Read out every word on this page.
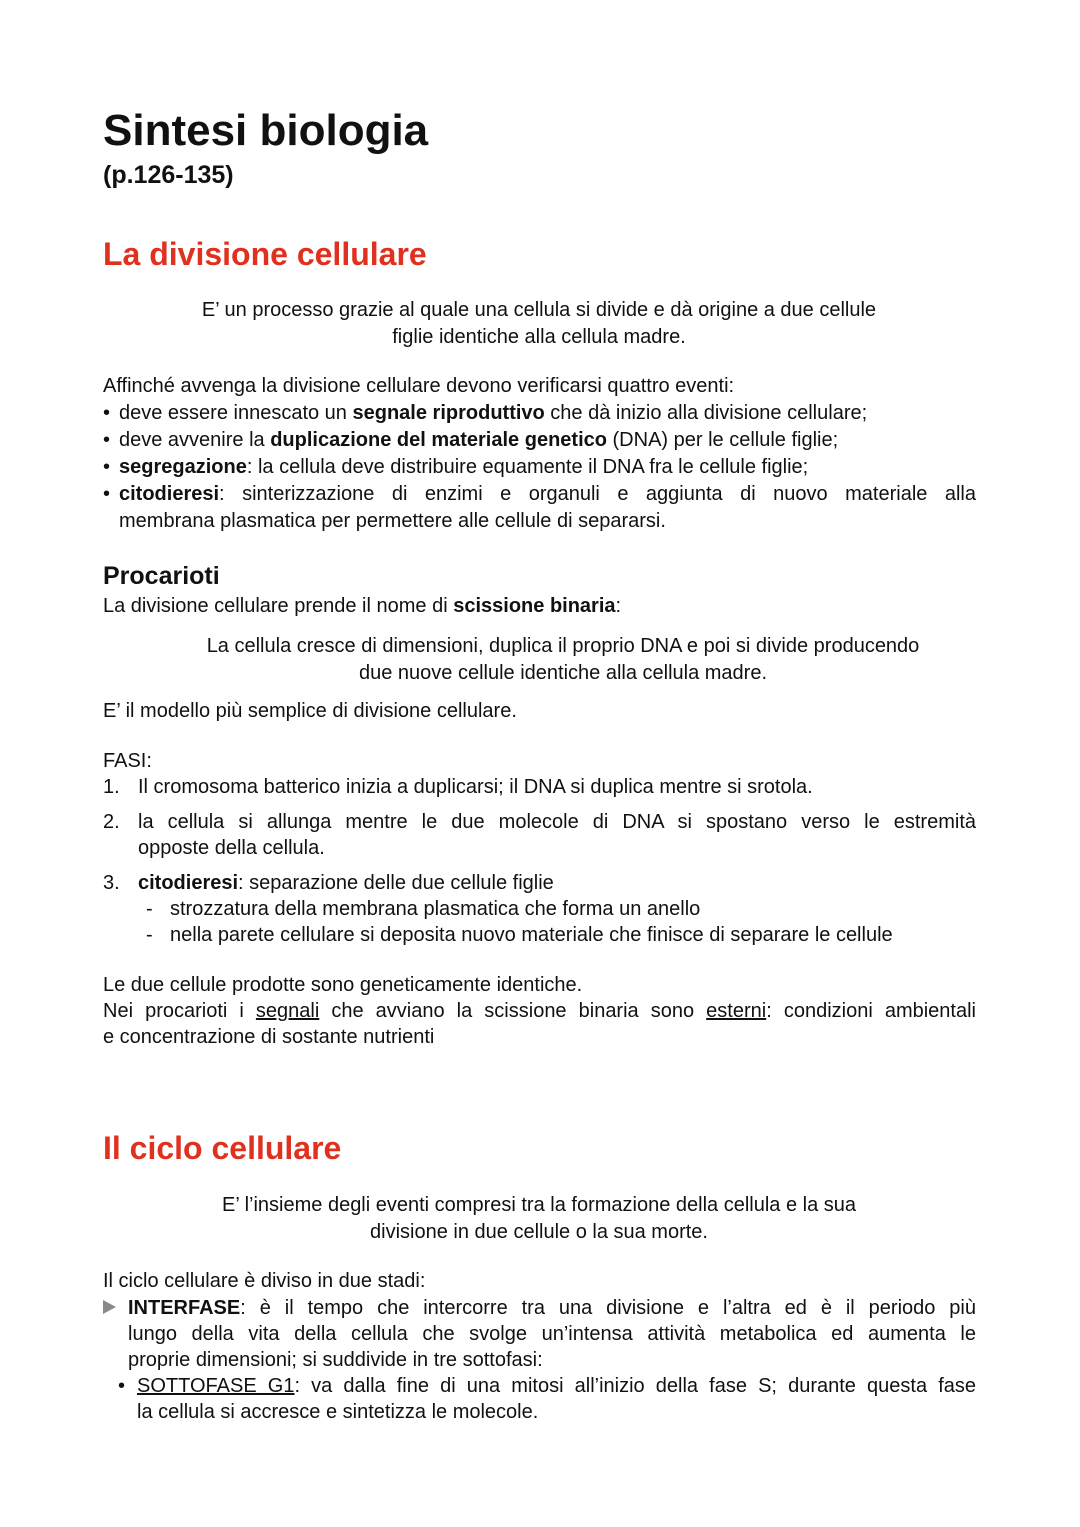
Sintesi biologia
(p.126-135)
La divisione cellulare
E’ un processo grazie al quale una cellula si divide e dà origine a due cellule
figlie identiche alla cellula madre.
Affinché avvenga la divisione cellulare devono verificarsi quattro eventi:
• deve essere innescato un segnale riproduttivo che dà inizio alla divisione cellulare;
• deve avvenire la duplicazione del materiale genetico (DNA) per le cellule figlie;
• segregazione: la cellula deve distribuire equamente il DNA fra le cellule figlie;
• citodieresi: sinterizzazione di enzimi e organuli e aggiunta di nuovo materiale alla
membrana plasmatica per permettere alle cellule di separarsi.
Procarioti
La divisione cellulare prende il nome di scissione binaria:
La cellula cresce di dimensioni, duplica il proprio DNA e poi si divide producendo
due nuove cellule identiche alla cellula madre.
E’ il modello più semplice di divisione cellulare.
FASI:
1. Il cromosoma batterico inizia a duplicarsi; il DNA si duplica mentre si srotola.
2. la cellula si allunga mentre le due molecole di DNA si spostano verso le estremità
opposte della cellula.
3. citodieresi: separazione delle due cellule figlie
- strozzatura della membrana plasmatica che forma un anello
- nella parete cellulare si deposita nuovo materiale che finisce di separare le cellule
Le due cellule prodotte sono geneticamente identiche.
Nei procarioti i segnali che avviano la scissione binaria sono esterni: condizioni ambientali
e concentrazione di sostante nutrienti
Il ciclo cellulare
E’ l’insieme degli eventi compresi tra la formazione della cellula e la sua
divisione in due cellule o la sua morte.
Il ciclo cellulare è diviso in due stadi:
INTERFASE: è il tempo che intercorre tra una divisione e l’altra ed è il periodo più
lungo della vita della cellula che svolge un’intensa attività metabolica ed aumenta le
proprie dimensioni; si suddivide in tre sottofasi:
• SOTTOFASE G1: va dalla fine di una mitosi all’inizio della fase S; durante questa fase
la cellula si accresce e sintetizza le molecole.
